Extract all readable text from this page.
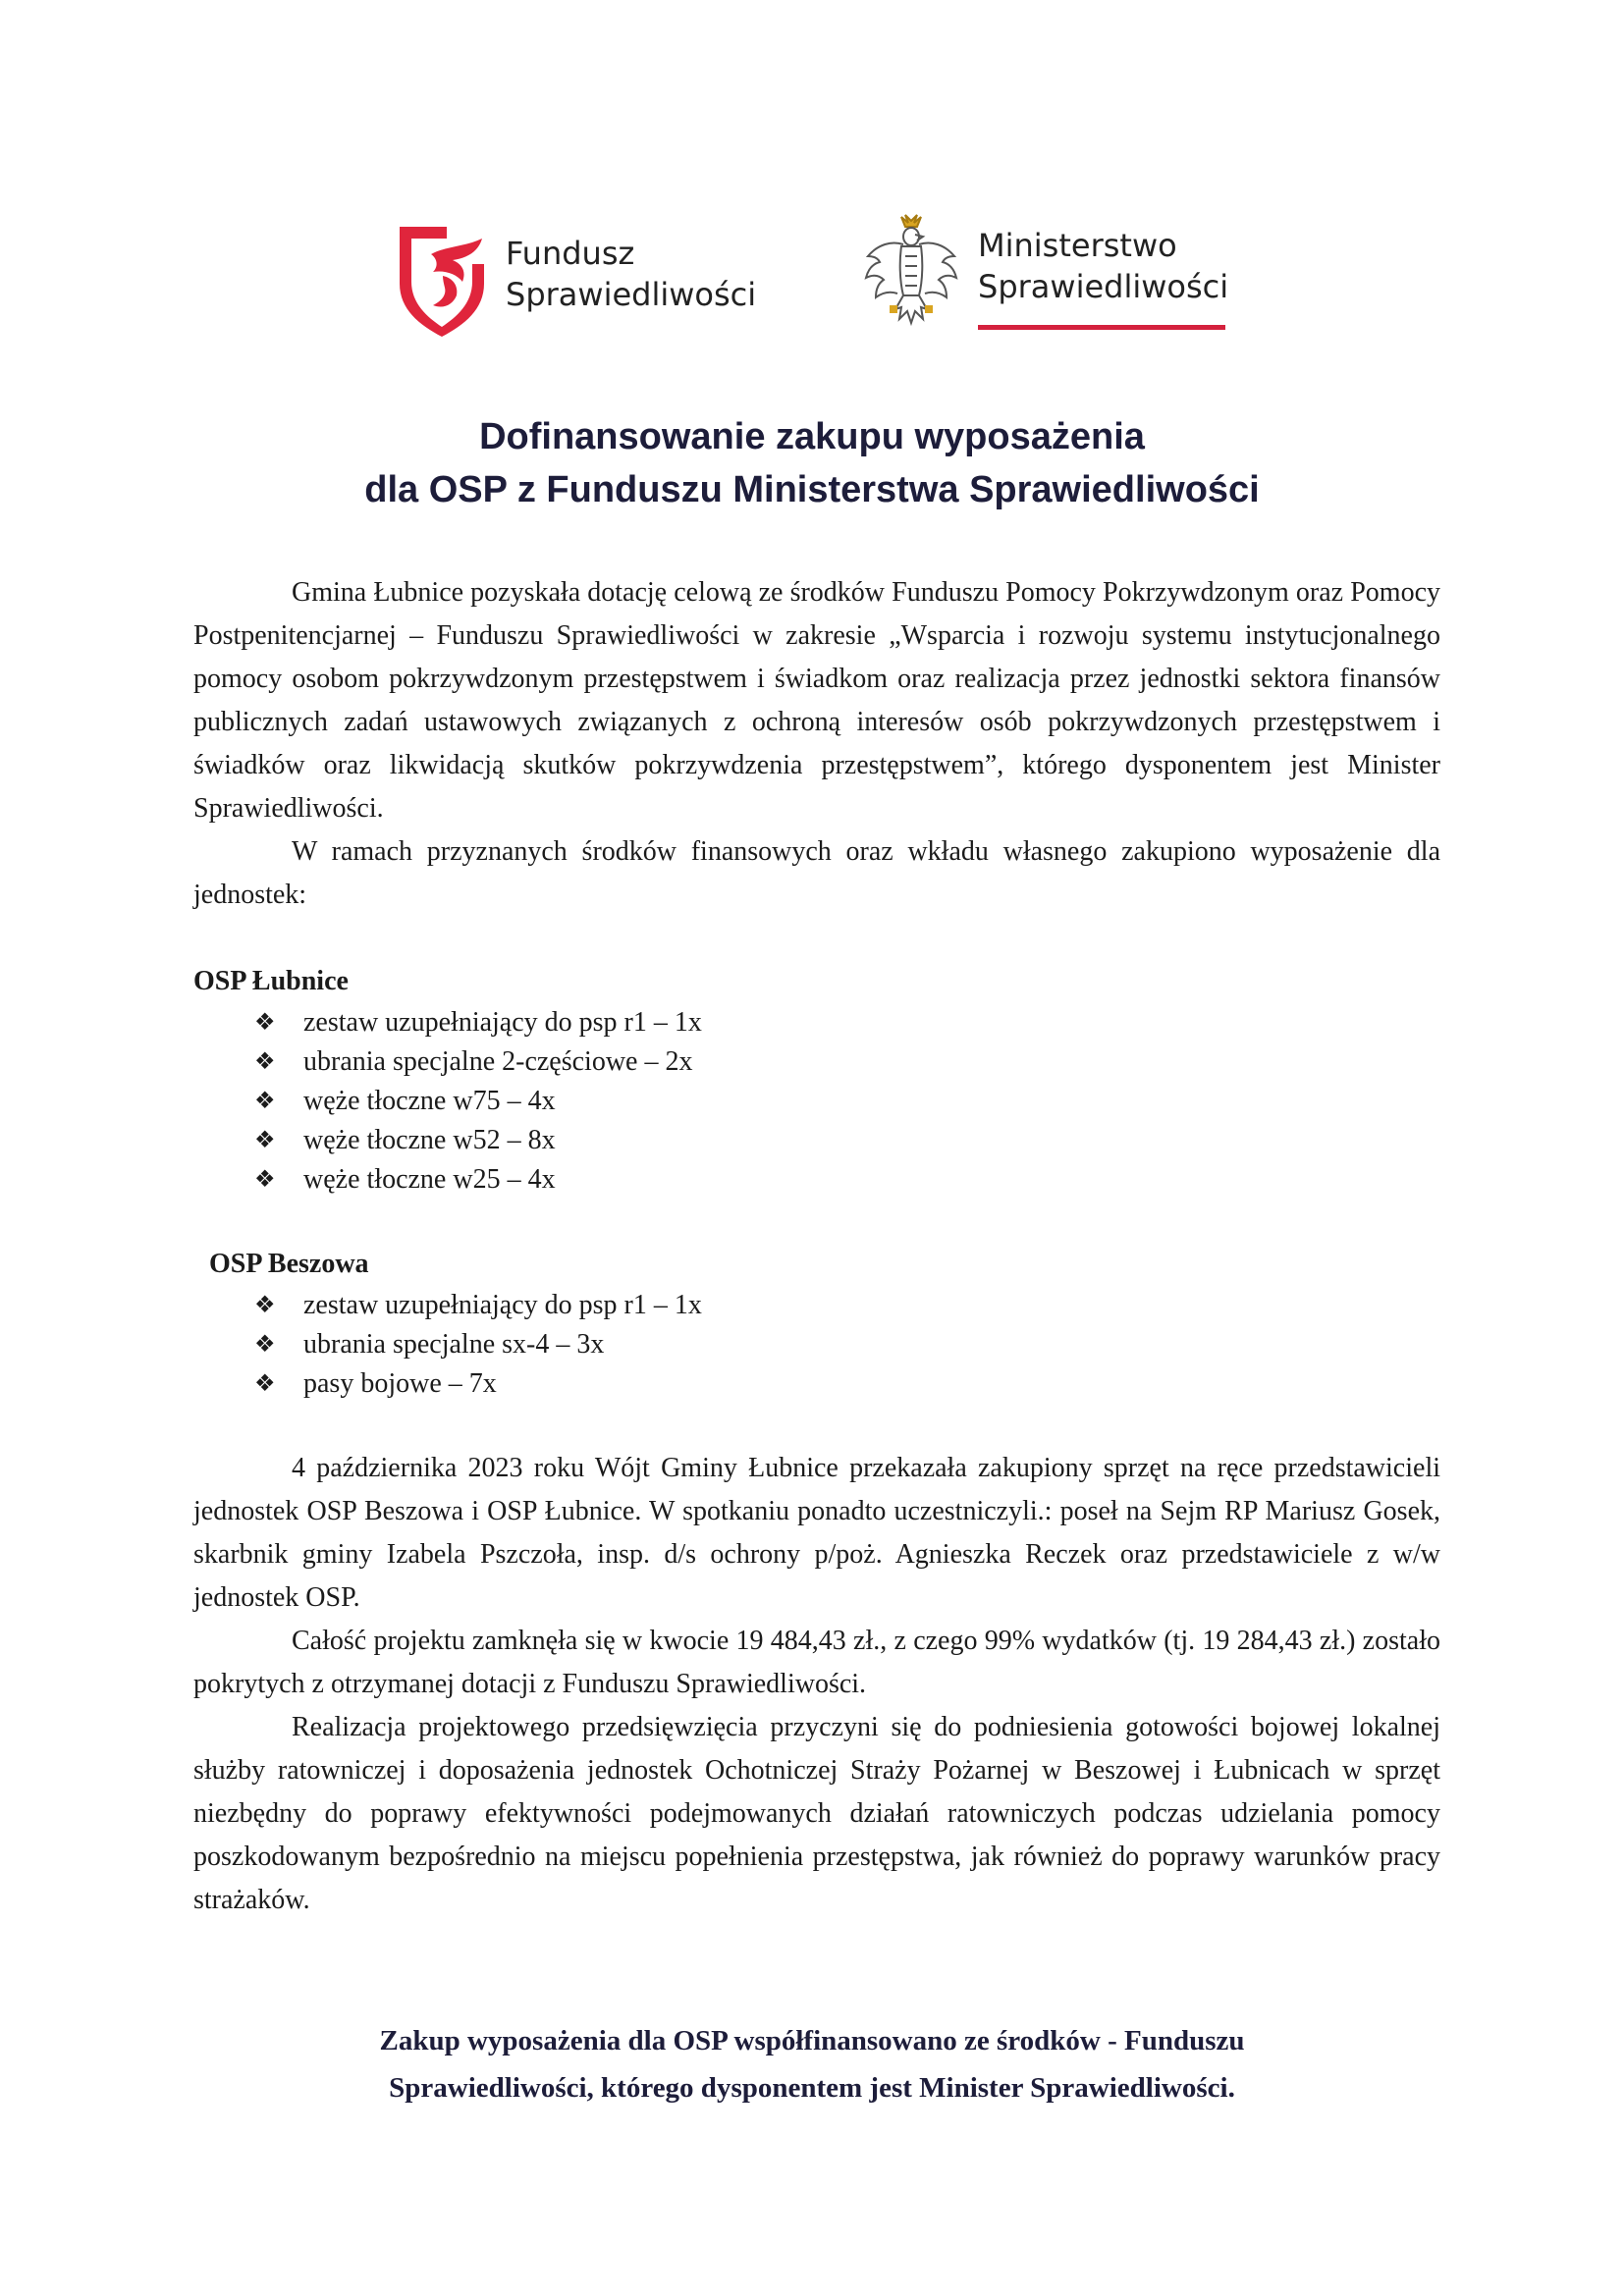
Fundusz
Sprawiedliwości
Ministerstwo
Sprawiedliwości
Dofinansowanie zakupu wyposażenia
dla OSP z Funduszu Ministerstwa Sprawiedliwości

Gmina Łubnice pozyskała dotację celową ze środków Funduszu Pomocy Pokrzywdzonym oraz Pomocy Postpenitencjarnej – Funduszu Sprawiedliwości w zakresie „Wsparcia i rozwoju systemu instytucjonalnego pomocy osobom pokrzywdzonym przestępstwem i świadkom oraz realizacja przez jednostki sektora finansów publicznych zadań ustawowych związanych z ochroną interesów osób pokrzywdzonych przestępstwem i świadków oraz likwidacją skutków pokrzywdzenia przestępstwem”, którego dysponentem jest Minister Sprawiedliwości.

W ramach przyznanych środków finansowych oraz wkładu własnego zakupiono wyposażenie dla jednostek:

OSP Łubnice

❖ zestaw uzupełniający do psp r1 – 1x
❖ ubrania specjalne 2-częściowe – 2x
❖ węże tłoczne w75 – 4x
❖ węże tłoczne w52 – 8x
❖ węże tłoczne w25 – 4x

OSP Beszowa

❖ zestaw uzupełniający do psp r1 – 1x
❖ ubrania specjalne sx-4 – 3x
❖ pasy bojowe – 7x

4 października 2023 roku Wójt Gminy Łubnice przekazała zakupiony sprzęt na ręce przedstawicieli jednostek OSP Beszowa i OSP Łubnice. W spotkaniu ponadto uczestniczyli.: poseł na Sejm RP Mariusz Gosek, skarbnik gminy Izabela Pszczoła, insp. d/s ochrony p/poż. Agnieszka Reczek oraz przedstawiciele z w/w jednostek OSP.

Całość projektu zamknęła się w kwocie 19 484,43 zł., z czego 99% wydatków (tj. 19 284,43 zł.) zostało pokrytych z otrzymanej dotacji z Funduszu Sprawiedliwości.

Realizacja projektowego przedsięwzięcia przyczyni się do podniesienia gotowości bojowej lokalnej służby ratowniczej i doposażenia jednostek Ochotniczej Straży Pożarnej w Beszowej i Łubnicach w sprzęt niezbędny do poprawy efektywności podejmowanych działań ratowniczych podczas udzielania pomocy poszkodowanym bezpośrednio na miejscu popełnienia przestępstwa, jak również do poprawy warunków pracy strażaków.

Zakup wyposażenia dla OSP współfinansowano ze środków - Funduszu
Sprawiedliwości, którego dysponentem jest Minister Sprawiedliwości.
